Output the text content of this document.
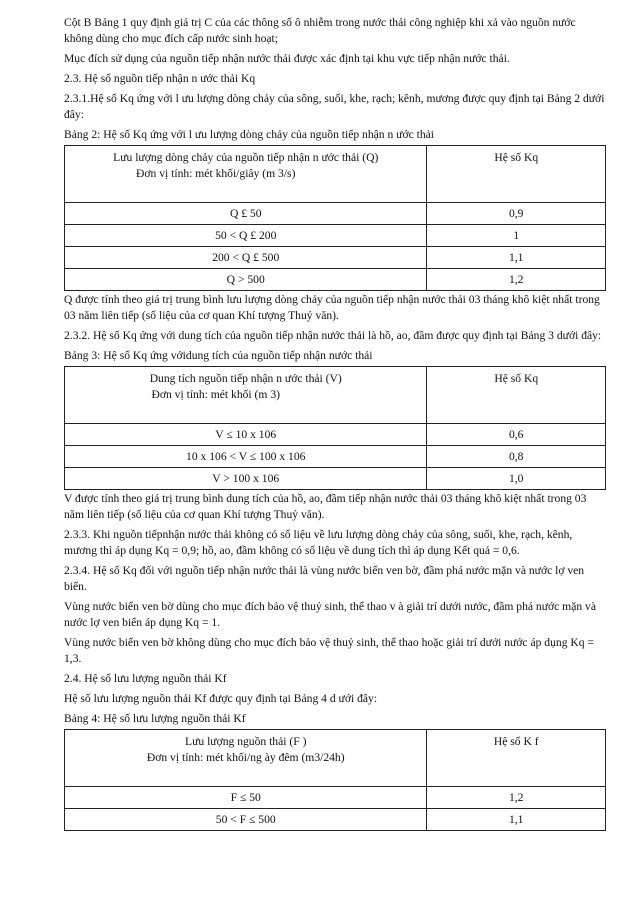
Cột B Bảng 1 quy định giá trị C của các thông số ô nhiễm trong nước thải công nghiệp khi xả vào nguồn nước không dùng cho mục đích cấp nước sinh hoạt;

Mục đích sử dụng của nguồn tiếp nhận nước thải được xác định tại khu vực tiếp nhận nước thải.

2.3. Hệ số nguồn tiếp nhận n ước thải Kq

2.3.1.Hệ số Kq ứng với l ưu lượng dòng chảy của sông, suối, khe, rạch; kênh, mương được quy định tại Bảng 2 dưới đây:

Bảng 2: Hệ số Kq ứng với l ưu lượng dòng chảy của nguồn tiếp nhận n ước thải

Lưu lượng dòng chảy của nguồn tiếp nhận n ước thải (Q)
Đơn vị tính: mét khối/giây (m 3/s)	Hệ số Kq
Q £ 50	0,9
50 < Q £ 200	1
200 < Q £ 500	1,1
Q > 500	1,2

Q được tính theo giá trị trung bình lưu lượng dòng chảy của nguồn tiếp nhận nước thải 03 tháng khô kiệt nhất trong 03 năm liên tiếp (số liệu của cơ quan Khí tượng Thuỷ văn).

2.3.2. Hệ số Kq ứng với dung tích của nguồn tiếp nhận nước thải là hồ, ao, đầm được quy định tại Bảng 3 dưới đây:

Bảng 3: Hệ số Kq ứng vớidung tích của nguồn tiếp nhận nước thải

Dung tích nguồn tiếp nhận n ước thải (V)
Đơn vị tính: mét khối (m 3)	Hệ số Kq
V ≤ 10 x 106	0,6
10 x 106 < V ≤ 100 x 106	0,8
V > 100 x 106	1,0

V được tính theo giá trị trung bình dung tích của hồ, ao, đầm tiếp nhận nước thải 03 tháng khô kiệt nhất trong 03 năm liên tiếp (số liệu của cơ quan Khí tượng Thuỷ văn).

2.3.3. Khi nguồn tiếpnhận nước thải không có số liệu về lưu lượng dòng chảy của sông, suối, khe, rạch, kênh, mương thì áp dụng Kq = 0,9; hồ, ao, đầm không có số liệu về dung tích thì áp dụng Kết quả = 0,6.

2.3.4. Hệ số Kq đối với nguồn tiếp nhận nước thải là vùng nước biển ven bờ, đầm phá nước mặn và nước lợ ven biển.

Vùng nước biển ven bờ dùng cho mục đích bảo vệ thuỷ sinh, thể thao v à giải trí dưới nước, đầm phá nước mặn và nước lợ ven biển áp dụng Kq = 1.

Vùng nước biển ven bờ không dùng cho mục đích bảo vệ thuỷ sinh, thể thao hoặc giải trí dưới nước áp dụng Kq = 1,3.

2.4. Hệ số lưu lượng nguồn thải Kf

Hệ số lưu lượng nguồn thải Kf được quy định tại Bảng 4 d ưới đây:

Bảng 4: Hệ số lưu lượng nguồn thải Kf

Lưu lượng nguồn thải (F )
Đơn vị tính: mét khối/ng ày đêm (m3/24h)	Hệ số K f
F ≤ 50	1,2
50 < F ≤ 500	1,1
